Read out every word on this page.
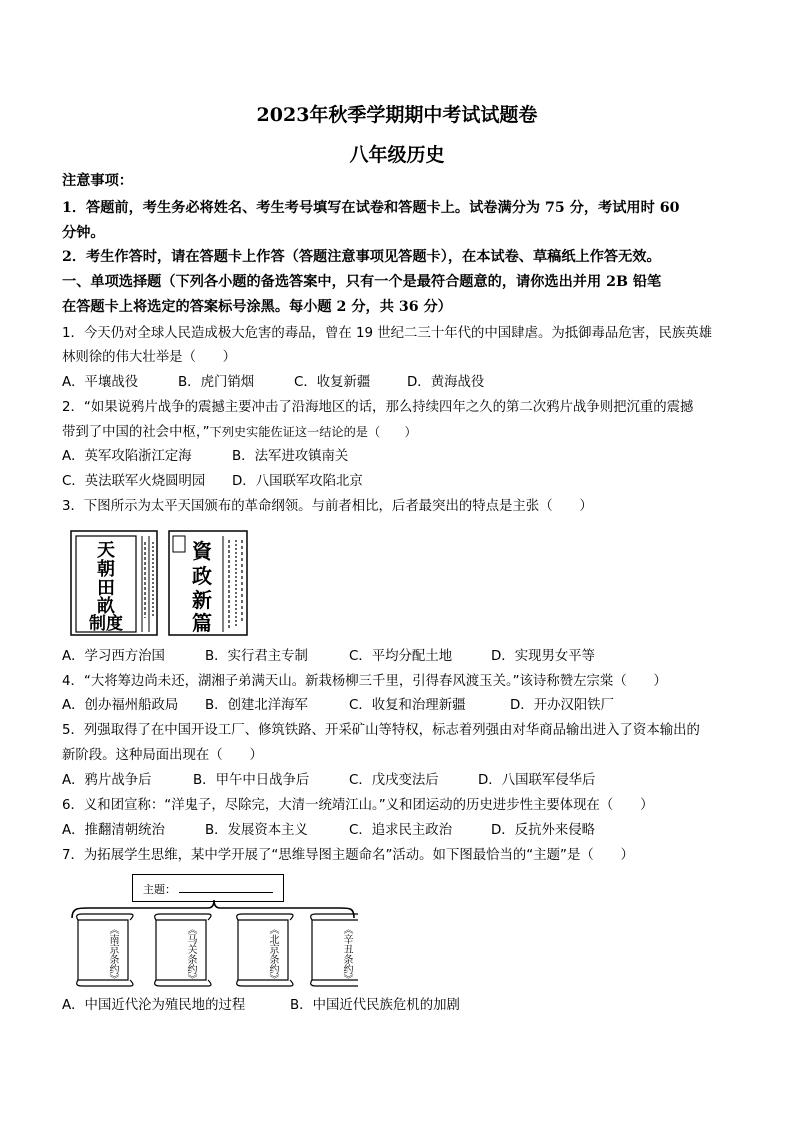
2023年秋季学期期中考试试题卷
八年级历史
注意事项：
1．答题前，考生务必将姓名、考生考号填写在试卷和答题卡上。试卷满分为 75 分，考试用时 60
分钟。
2．考生作答时，请在答题卡上作答（答题注意事项见答题卡），在本试卷、草稿纸上作答无效。
一、单项选择题（下列各小题的备选答案中，只有一个是最符合题意的，请你选出并用 2B 铅笔
在答题卡上将选定的答案标号涂黑。每小题 2 分，共 36 分）
1．今天仍对全球人民造成极大危害的毒品，曾在 19 世纪二三十年代的中国肆虐。为抵御毒品危害，民族英雄
林则徐的伟大壮举是（　　）
A．平壤战役	B．虎门销烟	C．收复新疆	D．黄海战役
2．“如果说鸦片战争的震撼主要冲击了沿海地区的话，那么持续四年之久的第二次鸦片战争则把沉重的震撼
带到了中国的社会中枢，”下列史实能佐证这一结论的是（　　）
A．英军攻陷浙江定海	B．法军进攻镇南关
C．英法联军火烧圆明园 D．八国联军攻陷北京
3．下图所示为太平天国颁布的革命纲领。与前者相比，后者最突出的特点是主张（　　）
天
朝
田
畝
制度
資
政
新
篇
A．学习西方治国	B．实行君主专制	C．平均分配土地	D．实现男女平等
4．“大将筹边尚未还，湖湘子弟满天山。新栽杨柳三千里，引得春风渡玉关。”该诗称赞左宗棠（　　）
A．创办福州船政局 B．创建北洋海军	C．收复和治理新疆	D．开办汉阳铁厂
5．列强取得了在中国开设工厂、修筑铁路、开采矿山等特权，标志着列强由对华商品输出进入了资本输出的
新阶段。这种局面出现在（　　）
A．鸦片战争后	B．甲午中日战争后	C．戊戌变法后	D．八国联军侵华后
6．义和团宣称：“洋鬼子，尽除完，大清一统靖江山。”义和团运动的历史进步性主要体现在（　　）
A．推翻清朝统治	B．发展资本主义	C．追求民主政治	D．反抗外来侵略
7．为拓展学生思维，某中学开展了“思维导图主题命名”活动。如下图最恰当的“主题”是（　　）
主题：
《南京条约》	《马关条约》	《北京条约》	《辛丑条约》
A．中国近代沦为殖民地的过程	B．中国近代民族危机的加剧
